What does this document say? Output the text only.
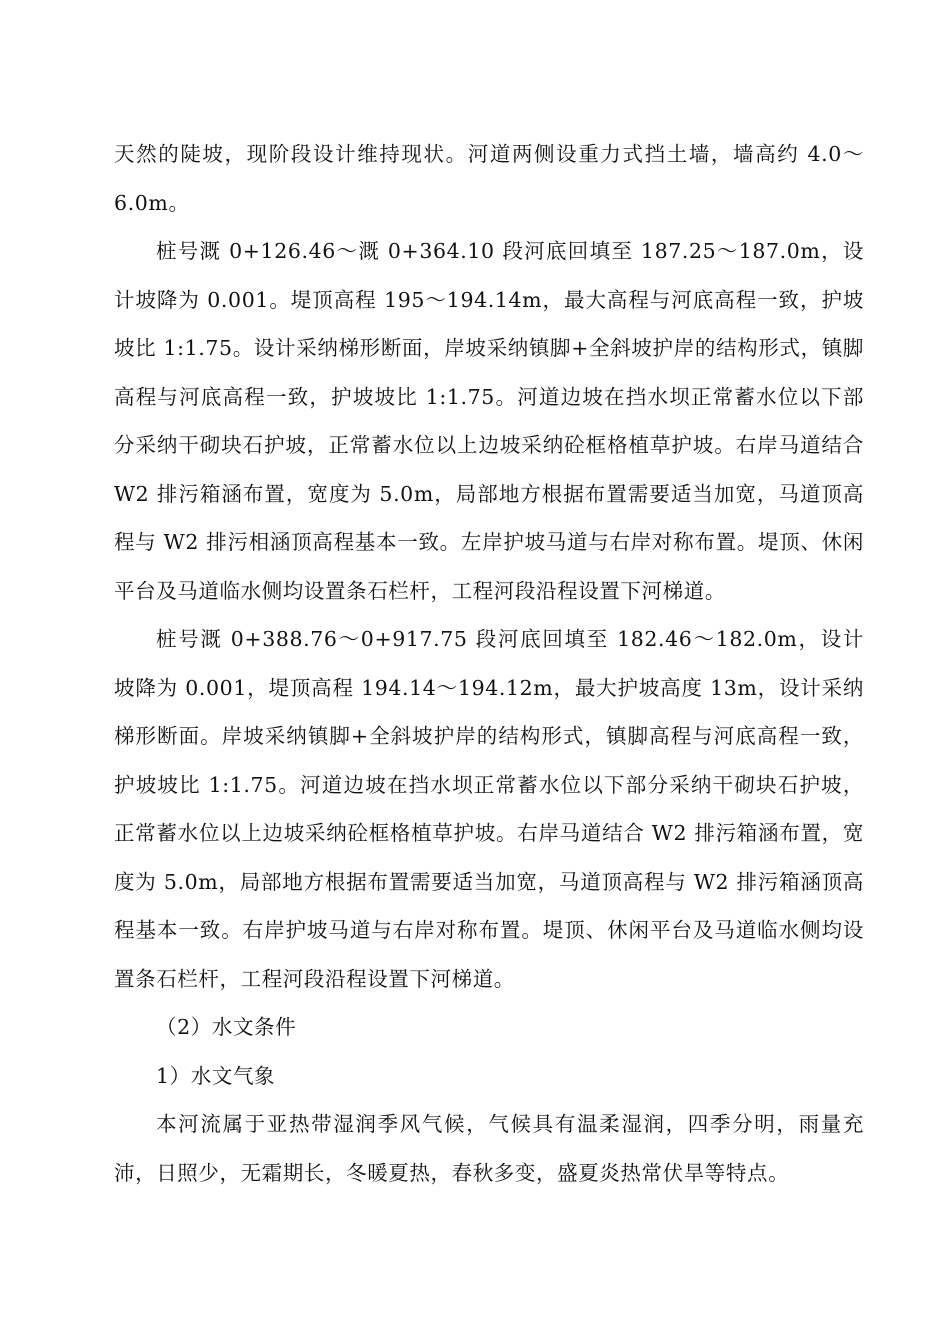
天然的陡坡，现阶段设计维持现状。河道两侧设重力式挡土墙，墙高约 4.0～6.0m。

桩号溉 0+126.46～溉 0+364.10 段河底回填至 187.25～187.0m，设计坡降为 0.001。堤顶高程 195～194.14m，最大高程与河底高程一致，护坡坡比 1:1.75。设计采纳梯形断面，岸坡采纳镇脚+全斜坡护岸的结构形式，镇脚高程与河底高程一致，护坡坡比 1:1.75。河道边坡在挡水坝正常蓄水位以下部分采纳干砌块石护坡，正常蓄水位以上边坡采纳砼框格植草护坡。右岸马道结合 W2 排污箱涵布置，宽度为 5.0m，局部地方根据布置需要适当加宽，马道顶高程与 W2 排污相涵顶高程基本一致。左岸护坡马道与右岸对称布置。堤顶、休闲平台及马道临水侧均设置条石栏杆，工程河段沿程设置下河梯道。

桩号溉 0+388.76～0+917.75 段河底回填至 182.46～182.0m，设计坡降为 0.001，堤顶高程 194.14～194.12m，最大护坡高度 13m，设计采纳梯形断面。岸坡采纳镇脚+全斜坡护岸的结构形式，镇脚高程与河底高程一致，护坡坡比 1:1.75。河道边坡在挡水坝正常蓄水位以下部分采纳干砌块石护坡，正常蓄水位以上边坡采纳砼框格植草护坡。右岸马道结合 W2 排污箱涵布置，宽度为 5.0m，局部地方根据布置需要适当加宽，马道顶高程与 W2 排污箱涵顶高程基本一致。右岸护坡马道与右岸对称布置。堤顶、休闲平台及马道临水侧均设置条石栏杆，工程河段沿程设置下河梯道。

（2）水文条件

1）水文气象

本河流属于亚热带湿润季风气候，气候具有温柔湿润，四季分明，雨量充沛，日照少，无霜期长，冬暖夏热，春秋多变，盛夏炎热常伏旱等特点。
